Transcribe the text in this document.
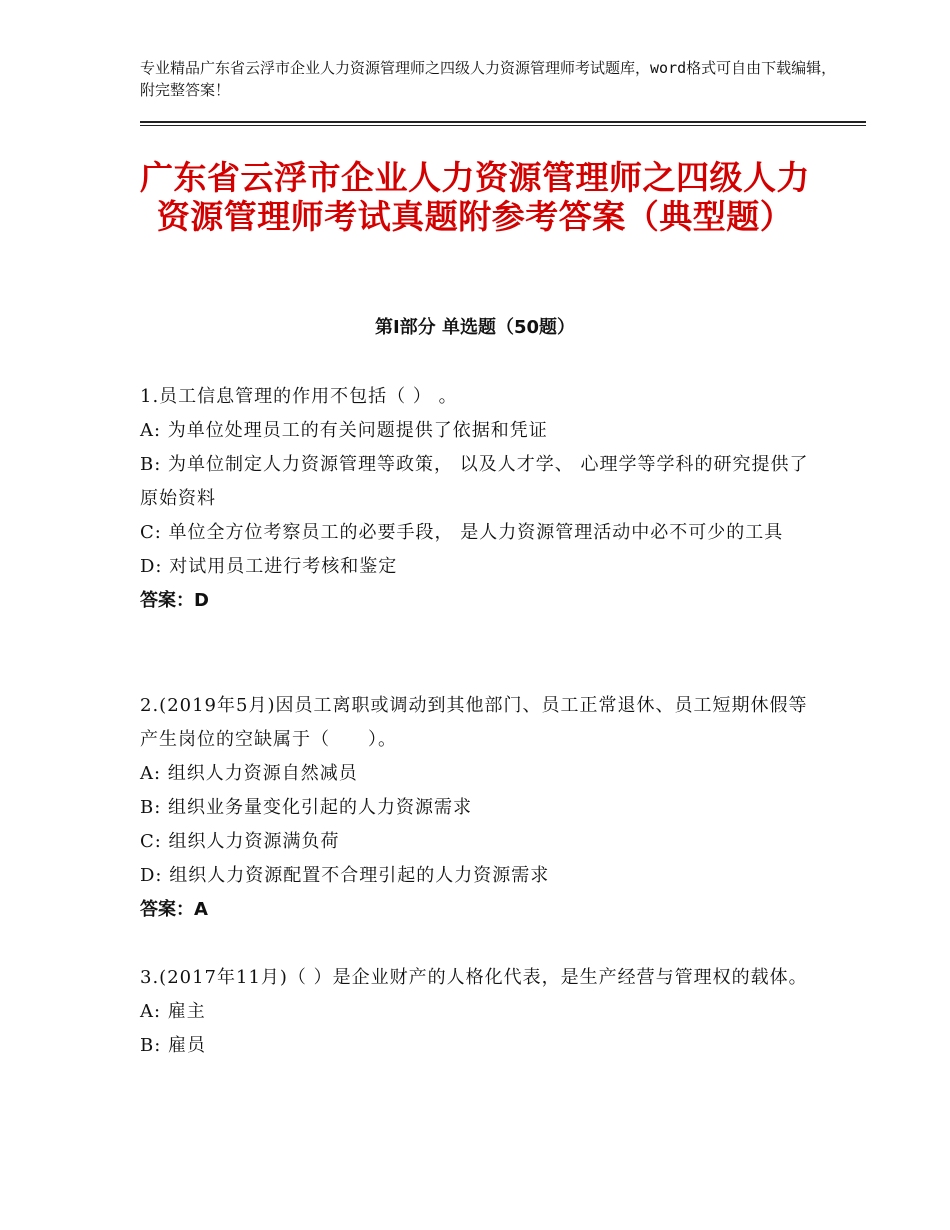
专业精品广东省云浮市企业人力资源管理师之四级人力资源管理师考试题库，word格式可自由下载编辑，附完整答案！
广东省云浮市企业人力资源管理师之四级人力资源管理师考试真题附参考答案（典型题）
第Ⅰ部分 单选题（50题）
1.员工信息管理的作用不包括（ ） 。
A: 为单位处理员工的有关问题提供了依据和凭证
B: 为单位制定人力资源管理等政策， 以及人才学、 心理学等学科的研究提供了原始资料
C: 单位全方位考察员工的必要手段， 是人力资源管理活动中必不可少的工具
D: 对试用员工进行考核和鉴定
答案：D
2.(2019年5月)因员工离职或调动到其他部门、员工正常退休、员工短期休假等产生岗位的空缺属于（　　）。
A: 组织人力资源自然减员
B: 组织业务量变化引起的人力资源需求
C: 组织人力资源满负荷
D: 组织人力资源配置不合理引起的人力资源需求
答案：A
3.(2017年11月)（ ）是企业财产的人格化代表，是生产经营与管理权的载体。
A: 雇主
B: 雇员
